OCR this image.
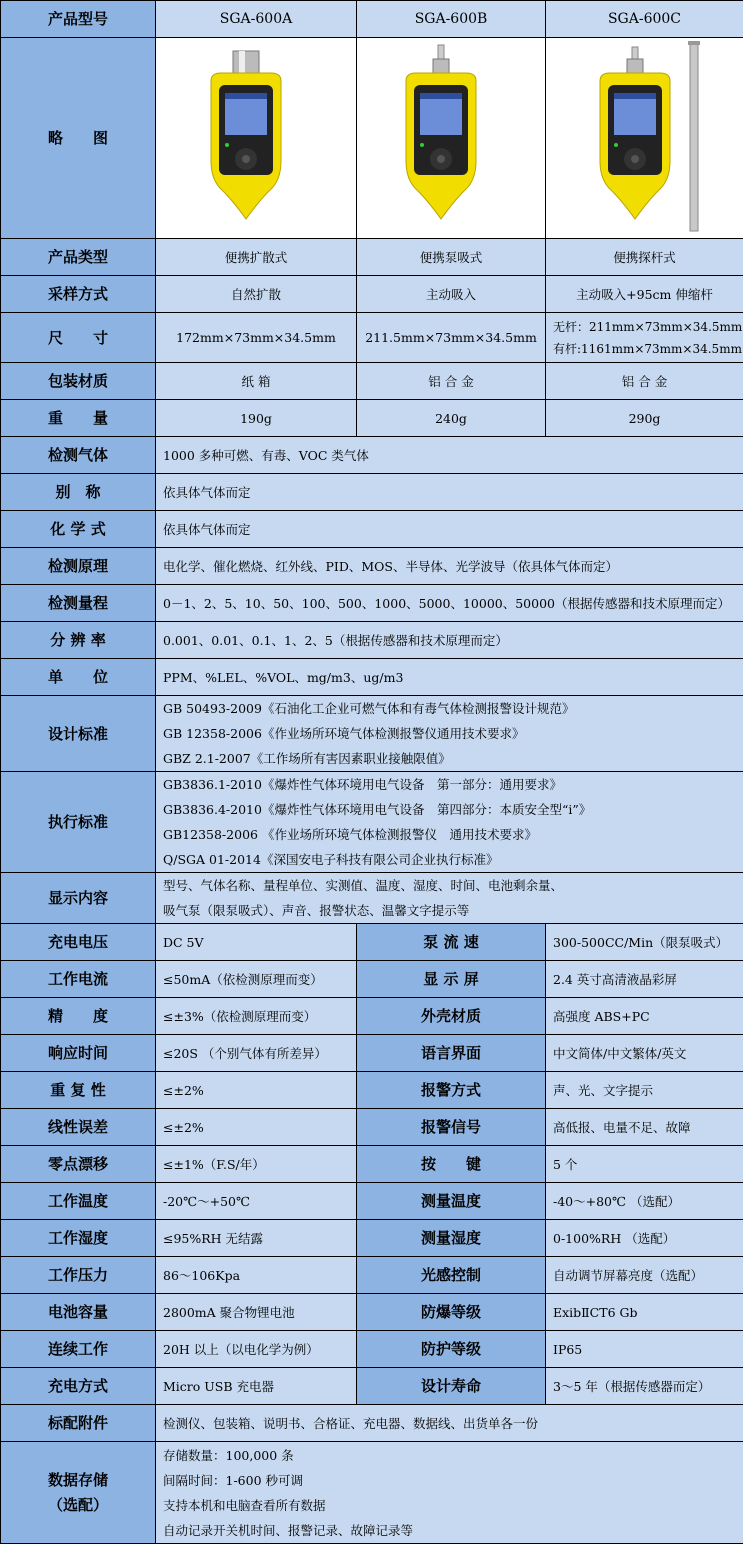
产品型号	SGA-600A	SGA-600B	SGA-600C
略　　图	

产品类型	便携扩散式	便携泵吸式	便携探杆式
采样方式	自然扩散	主动吸入	主动吸入+95cm 伸缩杆
尺　　寸	172mm×73mm×34.5mm	211.5mm×73mm×34.5mm	无杆：211mm×73mm×34.5mm
有杆:1161mm×73mm×34.5mm

包装材质	纸 箱	铝 合 金	铝 合 金
重　　量	190g	240g	290g
检测气体	1000 多种可燃、有毒、VOC 类气体		

别　称	依具体气体而定		

化 学 式	依具体气体而定		

检测原理	电化学、催化燃烧、红外线、PID、MOS、半导体、光学波导（依具体气体而定）		

检测量程	0－1、2、5、10、50、100、500、1000、5000、10000、50000（根据传感器和技术原理而定）		

分 辨 率	0.001、0.01、0.1、1、2、5（根据传感器和技术原理而定）		

单　　位	PPM、%LEL、%VOL、mg/m3、ug/m3		

设计标准	GB 50493-2009《石油化工企业可燃气体和有毒气体检测报警设计规范》
GB 12358-2006《作业场所环境气体检测报警仪通用技术要求》
GBZ 2.1-2007《工作场所有害因素职业接触限值》		

执行标准	GB3836.1-2010《爆炸性气体环境用电气设备　第一部分：通用要求》
GB3836.4-2010《爆炸性气体环境用电气设备　第四部分：本质安全型“i”》
GB12358-2006 《作业场所环境气体检测报警仪　通用技术要求》
Q/SGA 01-2014《深国安电子科技有限公司企业执行标准》		

显示内容	型号、气体名称、量程单位、实测值、温度、湿度、时间、电池剩余量、
吸气泵（限泵吸式）、声音、报警状态、温馨文字提示等		

充电电压	DC 5V	泵 流 速	300-500CC/Min（限泵吸式）
工作电流	≤50mA（依检测原理而变）	显 示 屏	2.4 英寸高清液晶彩屏
精　　度	≤±3%（依检测原理而变）	外壳材质	高强度 ABS+PC
响应时间	≤20S （个别气体有所差异）	语言界面	中文简体/中文繁体/英文
重 复 性	≤±2%	报警方式	声、光、文字提示
线性误差	≤±2%	报警信号	高低报、电量不足、故障
零点漂移	≤±1%（F.S/年）	按　　键	5 个
工作温度	-20℃～+50℃	测量温度	-40～+80℃ （选配）
工作湿度	≤95%RH 无结露	测量湿度	0-100%RH （选配）
工作压力	86～106Kpa	光感控制	自动调节屏幕亮度（选配）
电池容量	2800mA 聚合物锂电池	防爆等级	ExibⅡCT6 Gb
连续工作	20H 以上（以电化学为例）	防护等级	IP65
充电方式	Micro USB 充电器	设计寿命	3～5 年（根据传感器而定）

标配附件	检测仪、包装箱、说明书、合格证、充电器、数据线、出货单各一份		

数据存储
（选配）	存储数量：100,000 条
间隔时间：1-600 秒可调
支持本机和电脑查看所有数据
自动记录开关机时间、报警记录、故障记录等		
